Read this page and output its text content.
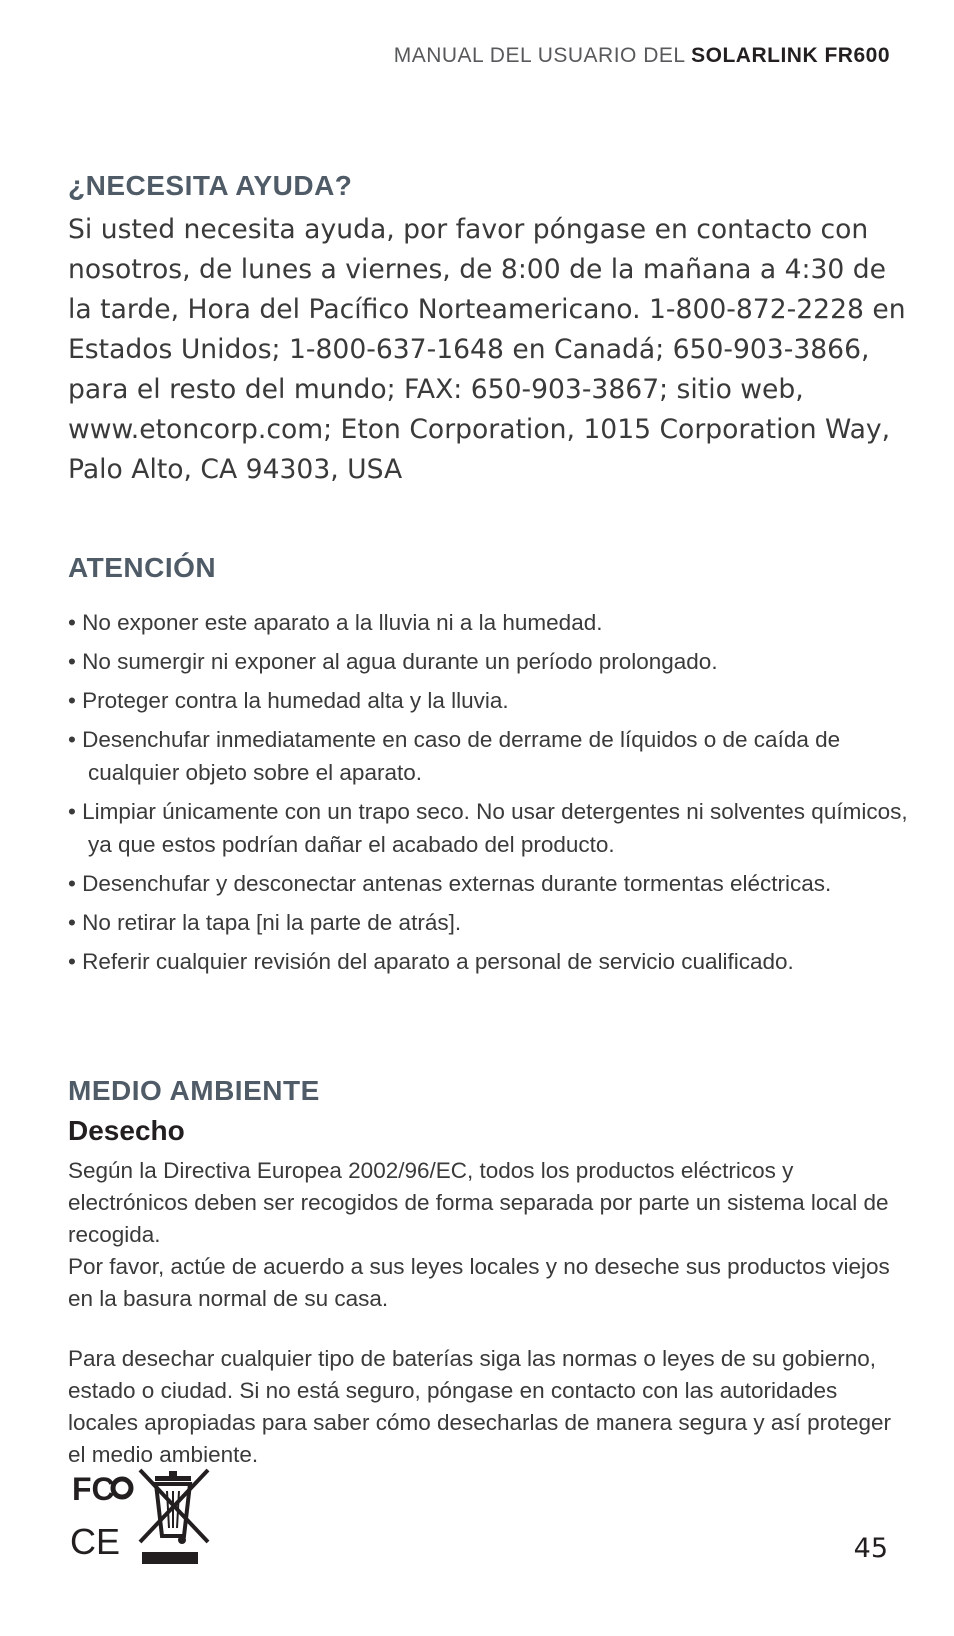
MANUAL DEL USUARIO DEL SOLARLINK FR600
¿NECESITA AYUDA?

Si usted necesita ayuda, por favor póngase en contacto con nosotros, de lunes a viernes, de 8:00 de la mañana a 4:30 de la tarde, Hora del Pacífico Norteamericano. 1-800-872-2228 en Estados Unidos; 1-800-637-1648 en Canadá; 650-903-3866, para el resto del mundo; FAX: 650-903-3867; sitio web, www.etoncorp.com; Eton Corporation, 1015 Corporation Way, Palo Alto, CA 94303, USA

ATENCIÓN
• No exponer este aparato a la lluvia ni a la humedad.
• No sumergir ni exponer al agua durante un período prolongado.
• Proteger contra la humedad alta y la lluvia.
• Desenchufar inmediatamente en caso de derrame de líquidos o de caída de cualquier objeto sobre el aparato.
• Limpiar únicamente con un trapo seco. No usar detergentes ni solventes químicos, ya que estos podrían dañar el acabado del producto.
• Desenchufar y desconectar antenas externas durante tormentas eléctricas.
• No retirar la tapa [ni la parte de atrás].
• Referir cualquier revisión del aparato a personal de servicio cualificado.
MEDIO AMBIENTE
Desecho

Según la Directiva Europea 2002/96/EC, todos los productos eléctricos y electrónicos deben ser recogidos de forma separada por parte un sistema local de recogida.

Por favor, actúe de acuerdo a sus leyes locales y no deseche sus productos viejos en la basura normal de su casa.

Para desechar cualquier tipo de baterías siga las normas o leyes de su gobierno, estado o ciudad. Si no está seguro, póngase en contacto con las autoridades locales apropiadas para saber cómo desecharlas de manera segura y así proteger el medio ambiente.

FC
CE	45
